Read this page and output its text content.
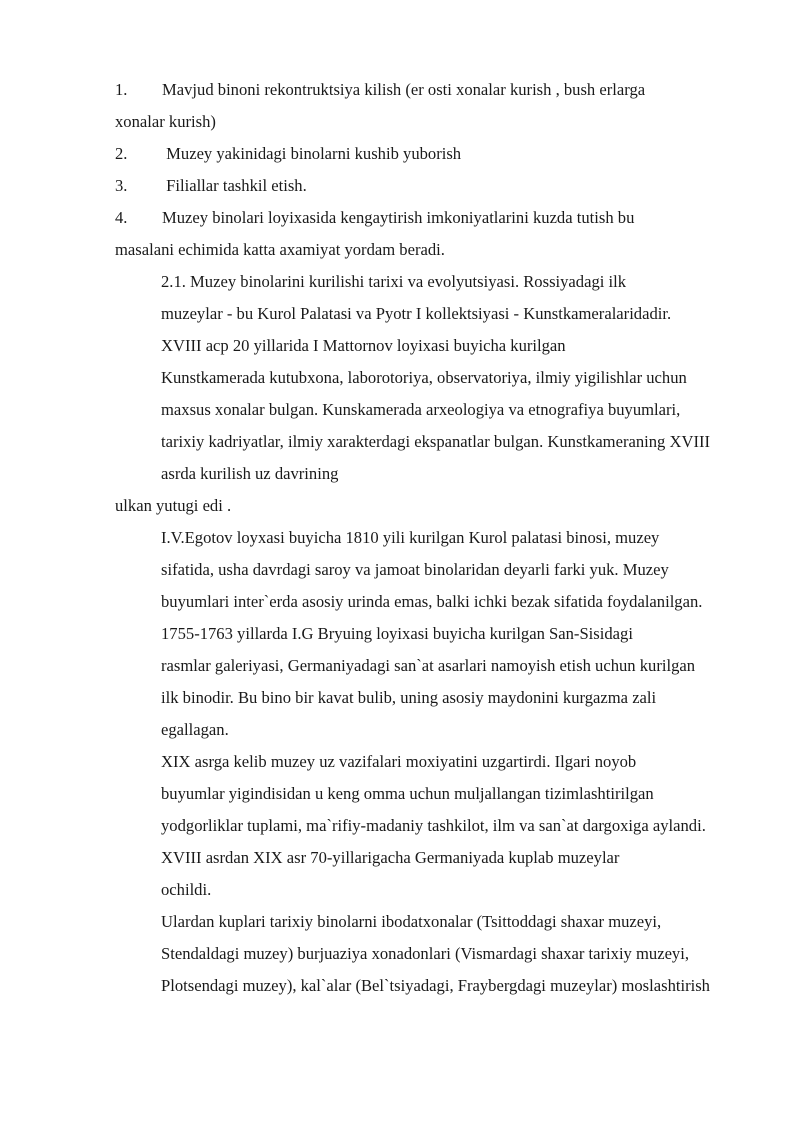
1. Mavjud binoni rekontruktsiya kilish (er osti xonalar kurish , bush erlarga
xonalar kurish)

2. Muzey yakinidagi binolarni kushib yuborish

3. Filiallar tashkil etish.

4. Muzey binolari loyixasida kengaytirish imkoniyatlarini kuzda tutish bu
masalani echimida katta axamiyat yordam beradi.

2.1. Muzey binolarini kurilishi tarixi va evolyutsiyasi. Rossiyadagi ilk
muzeylar - bu Kurol Palatasi va Pyotr I kollektsiyasi - Kunstkameralaridadir.

XVIII acp 20 yillarida I Mattornov loyixasi buyicha kurilgan
Kunstkamerada kutubxona, laborotoriya, observatoriya, ilmiy yigilishlar uchun
maxsus xonalar bulgan. Kunskamerada arxeologiya va etnografiya buyumlari,
tarixiy kadriyatlar, ilmiy xarakterdagi ekspanatlar bulgan. Kunstkameraning XVIII
asrda kurilish uz davrining

ulkan yutugi edi .

I.V.Egotov loyxasi buyicha 1810 yili kurilgan Kurol palatasi binosi, muzey
sifatida, usha davrdagi saroy va jamoat binolaridan deyarli farki yuk. Muzey
buyumlari inter`erda asosiy urinda emas, balki ichki bezak sifatida foydalanilgan.

1755-1763 yillarda I.G Bryuing loyixasi buyicha kurilgan San-Sisidagi
rasmlar galeriyasi, Germaniyadagi san`at asarlari namoyish etish uchun kurilgan
ilk binodir. Bu bino bir kavat bulib, uning asosiy maydonini kurgazma zali
egallagan.

XIX asrga kelib muzey uz vazifalari moxiyatini uzgartirdi. Ilgari noyob
buyumlar yigindisidan u keng omma uchun muljallangan tizimlashtirilgan
yodgorliklar tuplami, ma`rifiy-madaniy tashkilot, ilm va san`at dargoxiga aylandi.

XVIII asrdan XIX asr 70-yillarigacha Germaniyada kuplab muzeylar
ochildi.

Ulardan kuplari tarixiy binolarni ibodatxonalar (Tsittoddagi shaxar muzeyi,
Stendaldagi muzey) burjuaziya xonadonlari (Vismardagi shaxar tarixiy muzeyi,
Plotsendagi muzey), kal`alar (Bel`tsiyadagi, Fraybergdagi muzeylar) moslashtirish
